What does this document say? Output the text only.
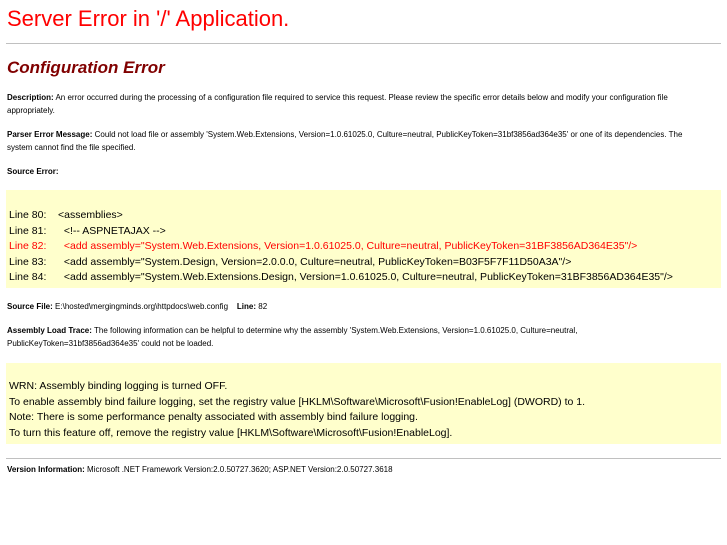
Server Error in '/' Application.
Configuration Error
Description: An error occurred during the processing of a configuration file required to service this request. Please review the specific error details below and modify your configuration file appropriately.
Parser Error Message: Could not load file or assembly 'System.Web.Extensions, Version=1.0.61025.0, Culture=neutral, PublicKeyToken=31bf3856ad364e35' or one of its dependencies. The system cannot find the file specified.
Source Error:
Line 80:    <assemblies>
Line 81:      <!-- ASPNETAJAX -->
Line 82:      <add assembly="System.Web.Extensions, Version=1.0.61025.0, Culture=neutral, PublicKeyToken=31BF3856AD364E35"/>
Line 83:      <add assembly="System.Design, Version=2.0.0.0, Culture=neutral, PublicKeyToken=B03F5F7F11D50A3A"/>
Line 84:      <add assembly="System.Web.Extensions.Design, Version=1.0.61025.0, Culture=neutral, PublicKeyToken=31BF3856AD364E35"/>
Source File: E:\hosted\mergingminds.org\httpdocs\web.config Line: 82
Assembly Load Trace: The following information can be helpful to determine why the assembly 'System.Web.Extensions, Version=1.0.61025.0, Culture=neutral, PublicKeyToken=31bf3856ad364e35' could not be loaded.
WRN: Assembly binding logging is turned OFF.
To enable assembly bind failure logging, set the registry value [HKLM\Software\Microsoft\Fusion!EnableLog] (DWORD) to 1.
Note: There is some performance penalty associated with assembly bind failure logging.
To turn this feature off, remove the registry value [HKLM\Software\Microsoft\Fusion!EnableLog].
Version Information: Microsoft .NET Framework Version:2.0.50727.3620; ASP.NET Version:2.0.50727.3618
